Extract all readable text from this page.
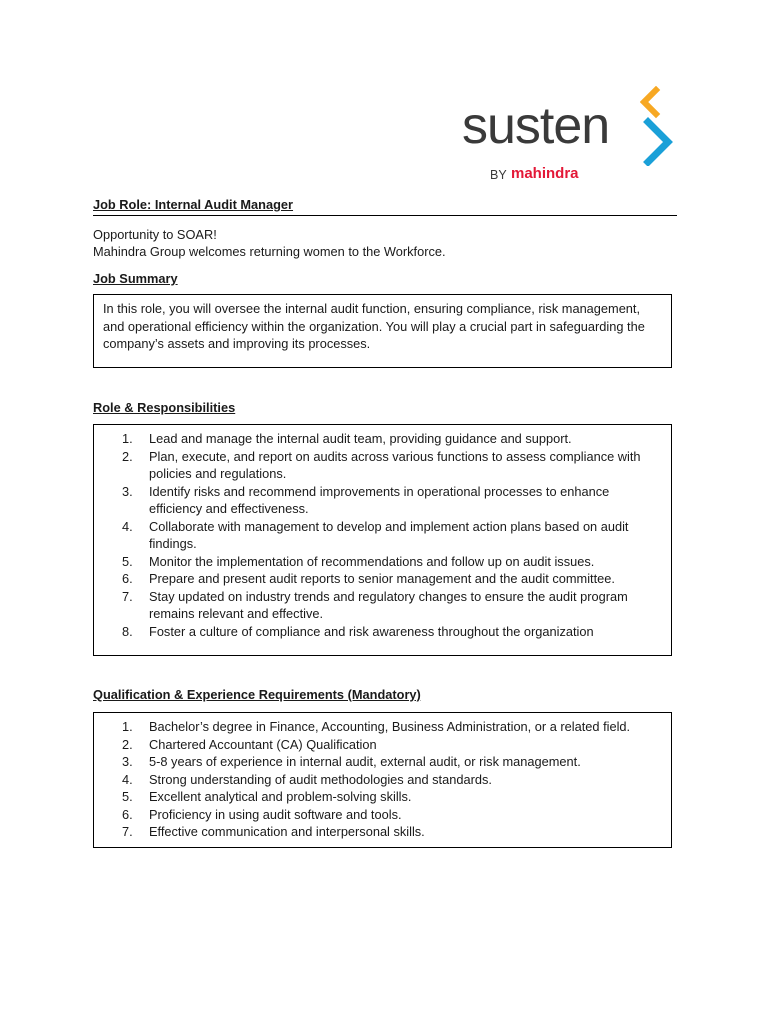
susten
BY mahindra
Job Role: Internal Audit Manager
Opportunity to SOAR!
Mahindra Group welcomes returning women to the Workforce.
Job Summary
In this role, you will oversee the internal audit function, ensuring compliance, risk management,
and operational efficiency within the organization. You will play a crucial part in safeguarding the
company’s assets and improving its processes.
Role & Responsibilities
1. Lead and manage the internal audit team, providing guidance and support.
2. Plan, execute, and report on audits across various functions to assess compliance with policies and regulations.
3. Identify risks and recommend improvements in operational processes to enhance efficiency and effectiveness.
4. Collaborate with management to develop and implement action plans based on audit findings.
5. Monitor the implementation of recommendations and follow up on audit issues.
6. Prepare and present audit reports to senior management and the audit committee.
7. Stay updated on industry trends and regulatory changes to ensure the audit program remains relevant and effective.
8. Foster a culture of compliance and risk awareness throughout the organization
Qualification & Experience Requirements (Mandatory)
1. Bachelor’s degree in Finance, Accounting, Business Administration, or a related field.
2. Chartered Accountant (CA) Qualification
3. 5-8 years of experience in internal audit, external audit, or risk management.
4. Strong understanding of audit methodologies and standards.
5. Excellent analytical and problem-solving skills.
6. Proficiency in using audit software and tools.
7. Effective communication and interpersonal skills.
